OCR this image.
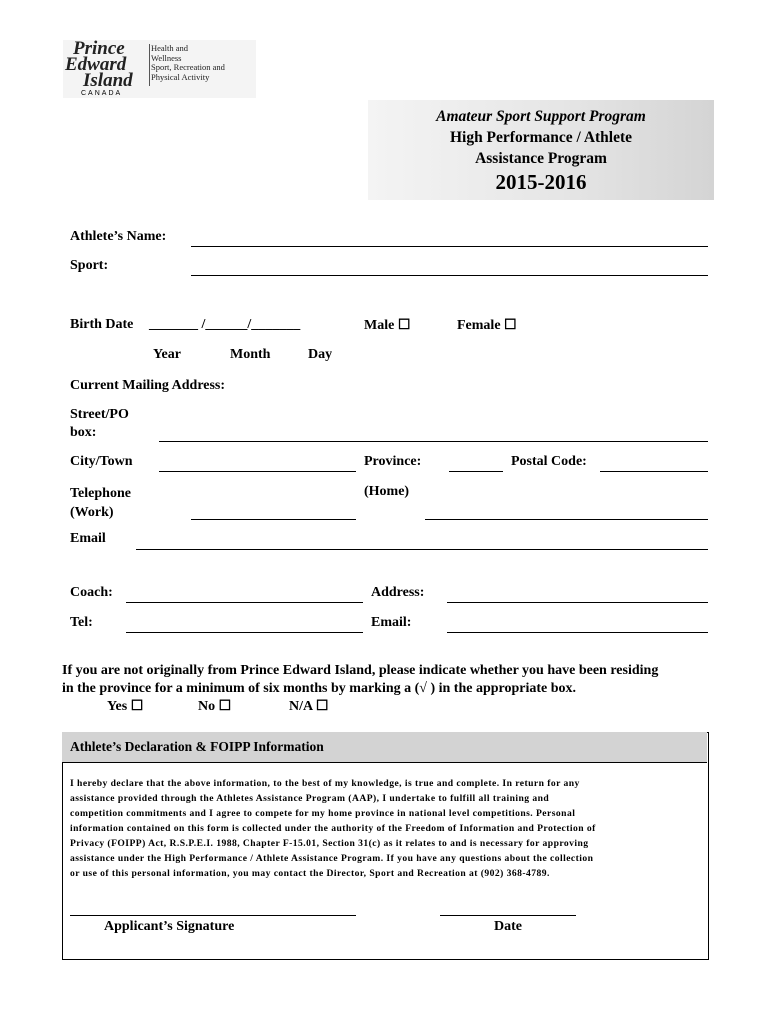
Prince
Edward
Island
CANADA
Health and
Wellness
Sport, Recreation and
Physical Activity
Amateur Sport Support Program
High Performance / Athlete
Assistance Program
2015-2016
Athlete’s Name:
Sport:
Birth Date _______ /______/_______	Male ☐	Female ☐
Year	Month	Day
Current Mailing Address:
Street/PO
box:
City/Town	Province:	Postal Code:
Telephone
(Work)
(Home)
Email
Coach:	Address:
Tel:	Email:
If you are not originally from Prince Edward Island, please indicate whether you have been residing
in the province for a minimum of six months by marking a (√ ) in the appropriate box.
Yes ☐	No ☐	N/A ☐
Athlete’s Declaration & FOIPP Information
I hereby declare that the above information, to the best of my knowledge, is true and complete. In return for any
assistance provided through the Athletes Assistance Program (AAP), I undertake to fulfill all training and
competition commitments and I agree to compete for my home province in national level competitions. Personal
information contained on this form is collected under the authority of the Freedom of Information and Protection of
Privacy (FOIPP) Act, R.S.P.E.I. 1988, Chapter F-15.01, Section 31(c) as it relates to and is necessary for approving
assistance under the High Performance / Athlete Assistance Program. If you have any questions about the collection
or use of this personal information, you may contact the Director, Sport and Recreation at (902) 368-4789.
Applicant’s Signature	Date
